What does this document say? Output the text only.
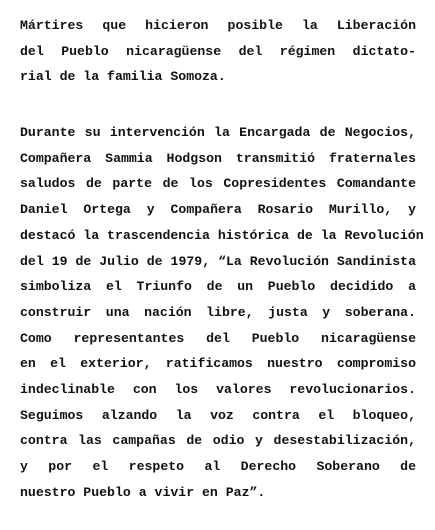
Mártires que hicieron posible la Liberación
del Pueblo nicaragüense del régimen dictato-
rial de la familia Somoza.

Durante su intervención la Encargada de Negocios,
Compañera Sammia Hodgson transmitió fraternales
saludos de parte de los Copresidentes Comandante
Daniel Ortega y Compañera Rosario Murillo, y
destacó la trascendencia histórica de la Revolución
del 19 de Julio de 1979, “La Revolución Sandinista
simboliza el Triunfo de un Pueblo decidido a
construir una nación libre, justa y soberana.
Como representantes del Pueblo nicaragüense
en el exterior, ratificamos nuestro compromiso
indeclinable con los valores revolucionarios.
Seguimos alzando la voz contra el bloqueo,
contra las campañas de odio y desestabilización,
y por el respeto al Derecho Soberano de
nuestro Pueblo a vivir en Paz”.
